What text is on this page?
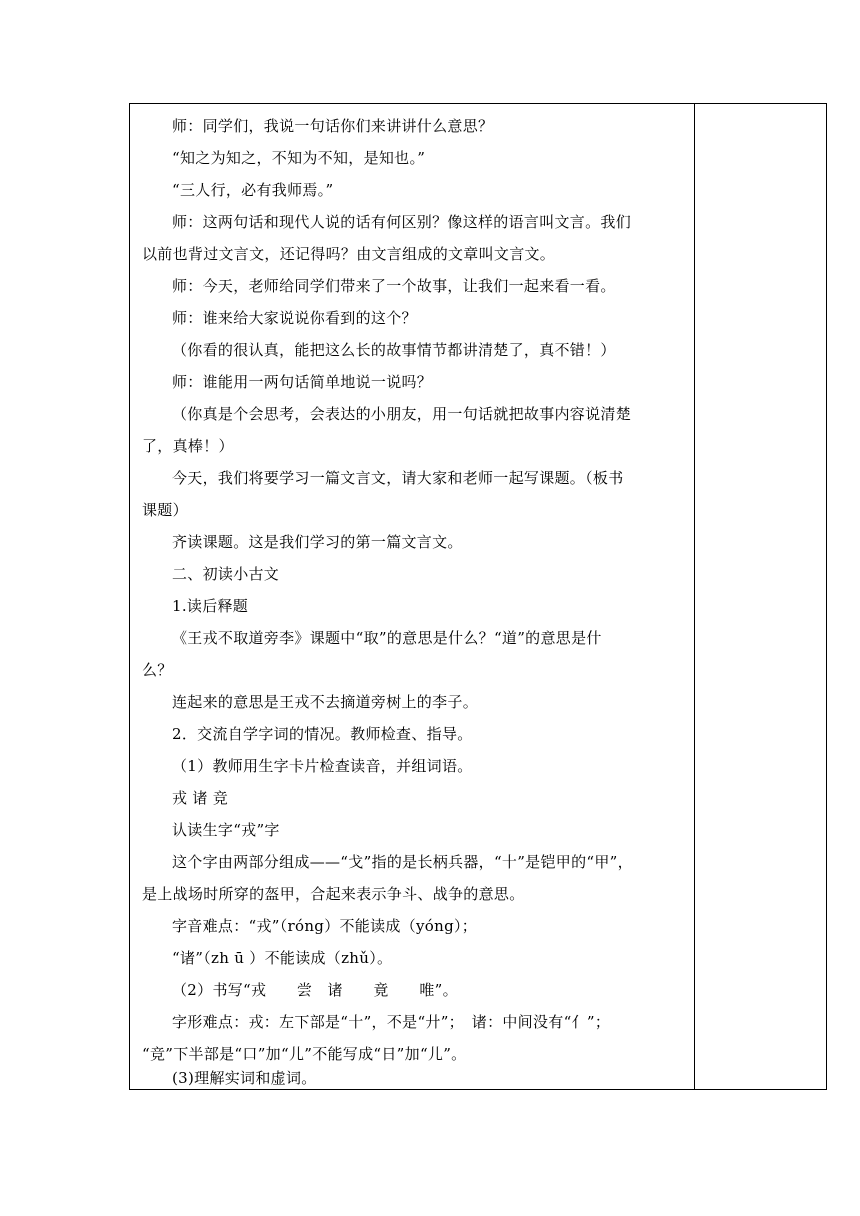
师：同学们，我说一句话你们来讲讲什么意思？
“知之为知之，不知为不知，是知也。”
“三人行，必有我师焉。”
师：这两句话和现代人说的话有何区别？像这样的语言叫文言。我们
以前也背过文言文，还记得吗？由文言组成的文章叫文言文。
师：今天，老师给同学们带来了一个故事，让我们一起来看一看。
师：谁来给大家说说你看到的这个？
（你看的很认真，能把这么长的故事情节都讲清楚了，真不错！）
师：谁能用一两句话简单地说一说吗？
（你真是个会思考，会表达的小朋友，用一句话就把故事内容说清楚
了，真棒！）
今天，我们将要学习一篇文言文，请大家和老师一起写课题。（板书
课题）
齐读课题。这是我们学习的第一篇文言文。
二、初读小古文
1.读后释题
《王戎不取道旁李》课题中“取”的意思是什么？“道”的意思是什
么？
连起来的意思是王戎不去摘道旁树上的李子。
2．交流自学字词的情况。教师检查、指导。
（1）教师用生字卡片检查读音，并组词语。
戎 诸 竞
认读生字“戎”字
这个字由两部分组成——“戈”指的是长柄兵器，“十”是铠甲的“甲”，
是上战场时所穿的盔甲，合起来表示争斗、战争的意思。
字音难点：“戎”（róng）不能读成（yóng）；
“诸”（zh ū ）不能读成（zhǔ）。
（2）书写“戎　　尝　诸　　竟　　唯”。
字形难点：戎：左下部是“十”，不是“廾”；　诸：中间没有“亻”；
“竞”下半部是“口”加“儿”不能写成“日”加“儿”。
(3)理解实词和虚词。
